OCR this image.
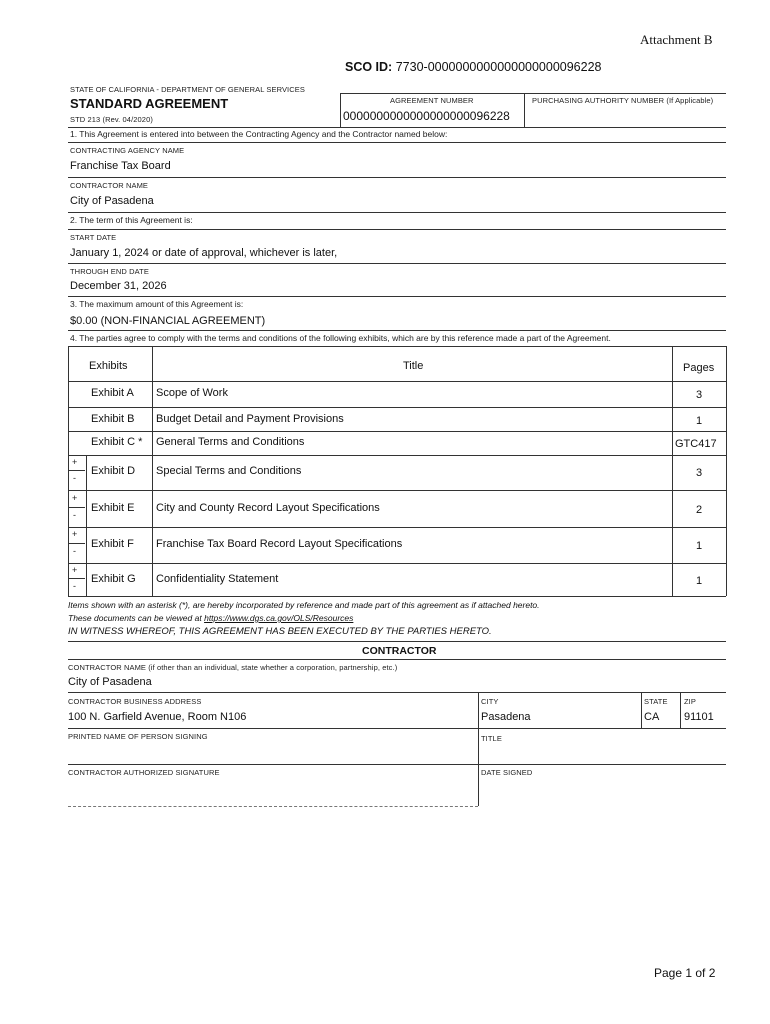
Attachment B
SCO ID: 7730-0000000000000000000096228
STATE OF CALIFORNIA - DEPARTMENT OF GENERAL SERVICES
STANDARD AGREEMENT
STD 213 (Rev. 04/2020)
AGREEMENT NUMBER
0000000000000000000096228
PURCHASING AUTHORITY NUMBER (If Applicable)
1. This Agreement is entered into between the Contracting Agency and the Contractor named below:
CONTRACTING AGENCY NAME
Franchise Tax Board
CONTRACTOR NAME
City of Pasadena
2. The term of this Agreement is:
START DATE
January 1, 2024 or date of approval, whichever is later,
THROUGH END DATE
December 31, 2026
3. The maximum amount of this Agreement is:
$0.00 (NON-FINANCIAL AGREEMENT)
4. The parties agree to comply with the terms and conditions of the following exhibits, which are by this reference made a part of the Agreement.
Exhibits	Title	Pages
Exhibit A Scope of Work	3
Exhibit B Budget Detail and Payment Provisions	1
Exhibit C * General Terms and Conditions	GTC417
Exhibit D Special Terms and Conditions	3
Exhibit E City and County Record Layout Specifications	2
Exhibit F Franchise Tax Board Record Layout Specifications	1
Exhibit G Confidentiality Statement	1
+
-
+
-
+
-
+
-
Items shown with an asterisk (*), are hereby incorporated by reference and made part of this agreement as if attached hereto.
These documents can be viewed at https://www.dgs.ca.gov/OLS/Resources
IN WITNESS WHEREOF, THIS AGREEMENT HAS BEEN EXECUTED BY THE PARTIES HERETO.
CONTRACTOR
CONTRACTOR NAME (if other than an individual, state whether a corporation, partnership, etc.)
City of Pasadena
CONTRACTOR BUSINESS ADDRESS
100 N. Garfield Avenue, Room N106
CITY
Pasadena
STATE
CA
ZIP
91101
PRINTED NAME OF PERSON SIGNING	TITLE
CONTRACTOR AUTHORIZED SIGNATURE	DATE SIGNED
Page 1 of 2
